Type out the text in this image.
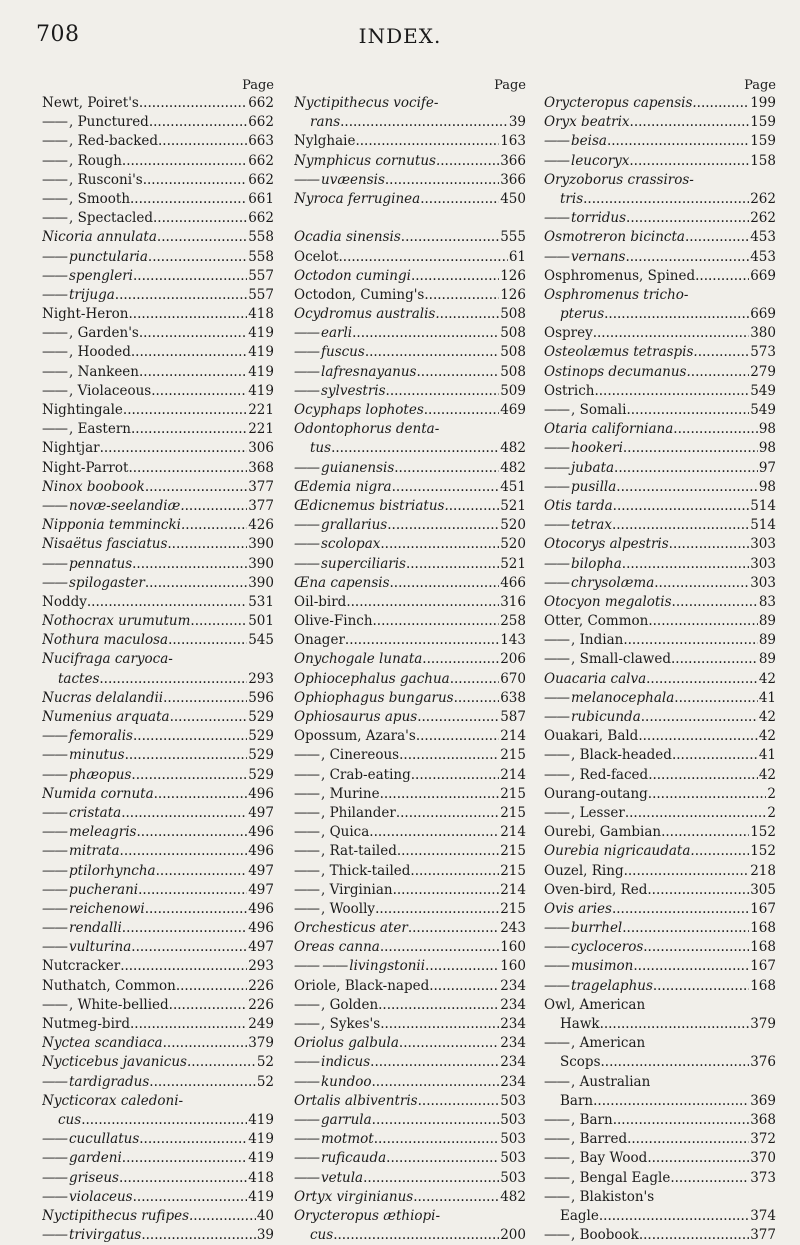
708	INDEX.
Page
Newt, Poiret's .....	662
—— , Punctured .....	662
—— , Red-backed .....	663
—— , Rough .....	662
—— , Rusconi's .....	662
—— , Smooth .....	661
—— , Spectacled .....	662
Nicoria annulata .....	558
—— punctularia .....	558
—— spengleri .....	557
—— trijuga .....	557
Night-Heron .....	418
—— , Garden's .....	419
—— , Hooded .....	419
—— , Nankeen .....	419
—— , Violaceous .....	419
Nightingale .....	221
—— , Eastern .....	221
Nightjar .....	306
Night-Parrot .....	368
Ninox boobook .....	377
—— novæ-seelandiæ. .....	377
Nipponia temmincki. .....	426
Nisaëtus fasciatus .....	390
—— pennatus .....	390
—— spilogaster .....	390
Noddy .....	531
Nothocrax urumutum .....	501
Nothura maculosa .....	545
Nucifraga caryoca-
tactes .....	293
Nucras delalandii .....	596
Numenius arquata .....	529
—— femoralis .....	529
—— minutus .....	529
—— phæopus .....	529
Numida cornuta .....	496
—— cristata .....	497
—— meleagris .....	496
—— mitrata .....	496
—— ptilorhyncha .....	497
—— pucherani .....	497
—— reichenowi .....	496
—— rendalli .....	496
—— vulturina .....	497
Nutcracker .....	293
Nuthatch, Common .....	226
—— , White-bellied .....	226
Nutmeg-bird .....	249
Nyctea scandiaca .....	379
Nycticebus javanicus. .....	52
—— tardigradus .....	52
Nycticorax caledoni-
cus .....	419
—— cucullatus .....	419
—— gardeni .....	419
—— griseus .....	418
—— violaceus .....	419
Nyctipithecus rufipes. .....	40
—— trivirgatus .....	39
Page
Nyctipithecus vocife-
rans .....	39
Nylghaie .....	163
Nymphicus cornutus. .....	366
—— uvæensis .....	366
Nyroca ferruginea .....	450
Ocadia sinensis .....	555
Ocelot .....	61
Octodon cumingi .....	126
Octodon, Cuming's .....	126
Ocydromus australis. .....	508
—— earli .....	508
—— fuscus .....	508
—— lafresnayanus .....	508
—— sylvestris .....	509
Ocyphaps lophotes .....	469
Odontophorus denta-
tus .....	482
—— guianensis .....	482
Œdemia nigra .....	451
Œdicnemus bistriatus. .....	521
—— grallarius .....	520
—— scolopax .....	520
—— superciliaris .....	521
Œna capensis .....	466
Oil-bird .....	316
Olive-Finch .....	258
Onager .....	143
Onychogale lunata .....	206
Ophiocephalus gachua .....	670
Ophiophagus bungarus .....	638
Ophiosaurus apus .....	587
Opossum, Azara's .....	214
—— , Cinereous .....	215
—— , Crab-eating .....	214
—— , Murine .....	215
—— , Philander .....	215
—— , Quica .....	214
—— , Rat-tailed .....	215
—— , Thick-tailed .....	215
—— , Virginian .....	214
—— , Woolly .....	215
Orchesticus ater .....	243
Oreas canna .....	160
—— —— livingstonii .....	160
Oriole, Black-naped. .....	234
—— , Golden .....	234
—— , Sykes's .....	234
Oriolus galbula .....	234
—— indicus .....	234
—— kundoo .....	234
Ortalis albiventris .....	503
—— garrula .....	503
—— motmot .....	503
—— ruficauda .....	503
—— vetula .....	503
Ortyx virginianus .....	482
Orycteropus æthiopi-
cus .....	200
Page
Orycteropus capensis. .....	199
Oryx beatrix .....	159
—— beisa .....	159
—— leucoryx .....	158
Oryzoborus crassiros-
tris .....	262
—— torridus .....	262
Osmotreron bicincta .....	453
—— vernans .....	453
Osphromenus, Spined .....	669
Osphromenus tricho-
pterus .....	669
Osprey .....	380
Osteolæmus tetraspis. .....	573
Ostinops decumanus. .....	279
Ostrich .....	549
—— , Somali .....	549
Otaria californiana .....	98
—— hookeri .....	98
—— jubata .....	97
—— pusilla .....	98
Otis tarda .....	514
—— tetrax .....	514
Otocorys alpestris .....	303
—— bilopha .....	303
—— chrysolæma .....	303
Otocyon megalotis .....	83
Otter, Common .....	89
—— , Indian .....	89
—— , Small-clawed .....	89
Ouacaria calva .....	42
—— melanocephala .....	41
—— rubicunda .....	42
Ouakari, Bald .....	42
—— , Black-headed .....	41
—— , Red-faced .....	42
Ourang-outang .....	2
—— , Lesser .....	2
Ourebi, Gambian .....	152
Ourebia nigricaudata. .....	152
Ouzel, Ring .....	218
Oven-bird, Red .....	305
Ovis aries .....	167
—— burrhel .....	168
—— cycloceros .....	168
—— musimon .....	167
—— tragelaphus .....	168
Owl, American
Hawk .....	379
—— , American
Scops .....	376
—— , Australian
Barn .....	369
—— , Barn .....	368
—— , Barred .....	372
—— , Bay Wood .....	370
—— , Bengal Eagle .....	373
—— , Blakiston's
Eagle .....	374
—— , Boobook .....	377
